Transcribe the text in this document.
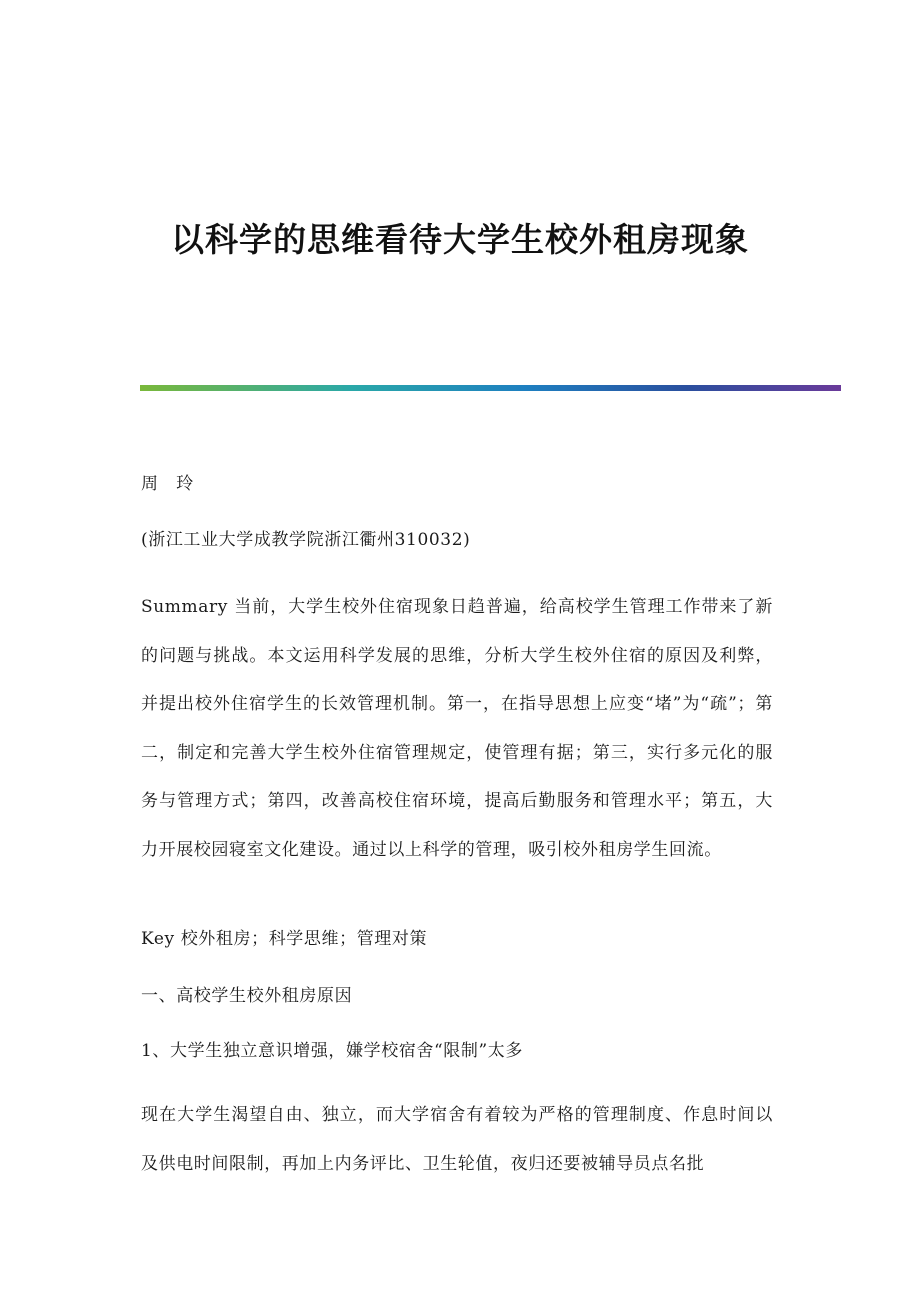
以科学的思维看待大学生校外租房现象
周　玲
(浙江工业大学成教学院浙江衢州310032)
Summary 当前，大学生校外住宿现象日趋普遍，给高校学生管理工作带来了新的问题与挑战。本文运用科学发展的思维，分析大学生校外住宿的原因及利弊，并提出校外住宿学生的长效管理机制。第一，在指导思想上应变“堵”为“疏”；第二，制定和完善大学生校外住宿管理规定，使管理有据；第三，实行多元化的服务与管理方式；第四，改善高校住宿环境，提高后勤服务和管理水平；第五，大力开展校园寝室文化建设。通过以上科学的管理，吸引校外租房学生回流。
Key 校外租房；科学思维；管理对策
一、高校学生校外租房原因
1、大学生独立意识增强，嫌学校宿舍“限制”太多
现在大学生渴望自由、独立，而大学宿舍有着较为严格的管理制度、作息时间以及供电时间限制，再加上内务评比、卫生轮值，夜归还要被辅导员点名批
